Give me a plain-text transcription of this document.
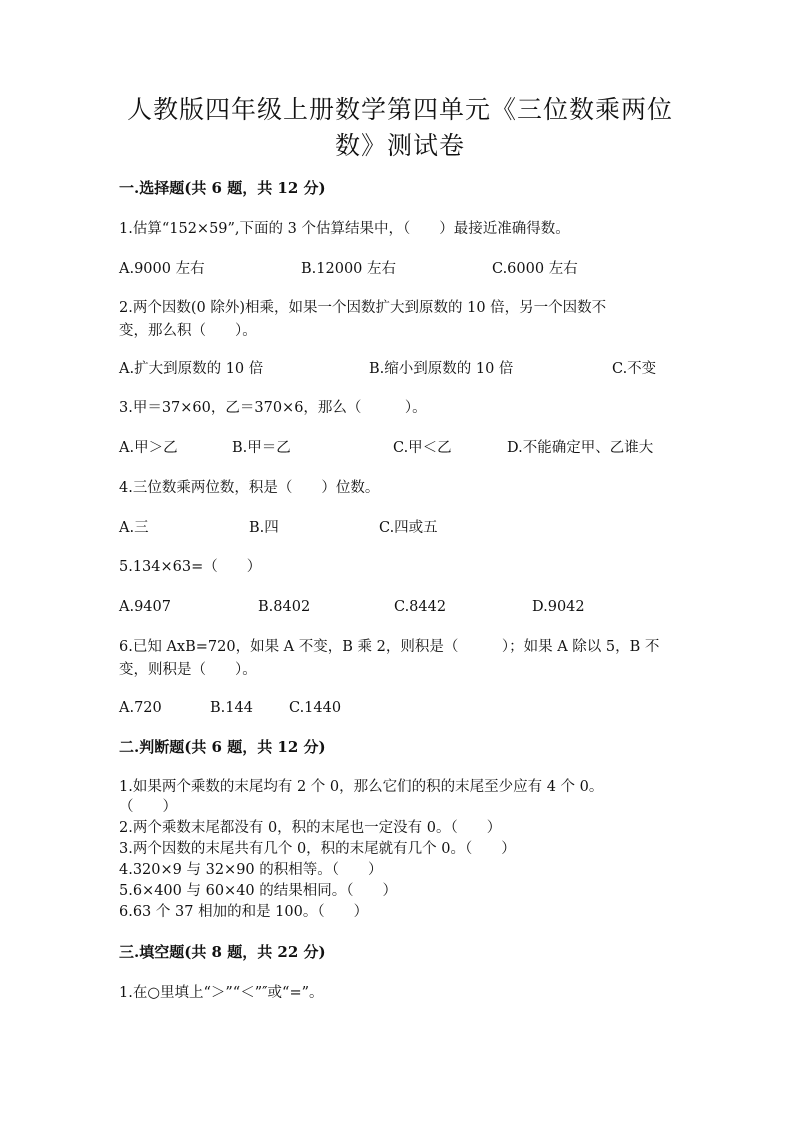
人教版四年级上册数学第四单元《三位数乘两位
数》测试卷
一.选择题(共 6 题，共 12 分)
1.估算“152×59”,下面的 3 个估算结果中，（　　）最接近准确得数。
A.9000 左右	B.12000 左右	C.6000 左右
2.两个因数(0 除外)相乘，如果一个因数扩大到原数的 10 倍，另一个因数不
变，那么积（　　）。
A.扩大到原数的 10 倍	B.缩小到原数的 10 倍	C.不变
3.甲＝37×60，乙＝370×6，那么（　　　）。
A.甲＞乙	B.甲＝乙	C.甲＜乙	D.不能确定甲、乙谁大
4.三位数乘两位数，积是（　　）位数。
A.三	B.四	C.四或五
5.134×63=（　　）
A.9407	B.8402	C.8442	D.9042
6.已知 AxB=720，如果 A 不变，B 乘 2，则积是（　　　）；如果 A 除以 5，B 不
变，则积是（　　）。
A.720	B.144 C.1440
二.判断题(共 6 题，共 12 分)
1.如果两个乘数的末尾均有 2 个 0，那么它们的积的末尾至少应有 4 个 0。
（　　）
2.两个乘数末尾都没有 0，积的末尾也一定没有 0。（　　）
3.两个因数的末尾共有几个 0，积的末尾就有几个 0。（　　）
4.320×9 与 32×90 的积相等。（　　）
5.6×400 与 60×40 的结果相同。（　　）
6.63 个 37 相加的和是 100。（　　）
三.填空题(共 8 题，共 22 分)
1.在○里填上“＞”“＜”″或“=”。
